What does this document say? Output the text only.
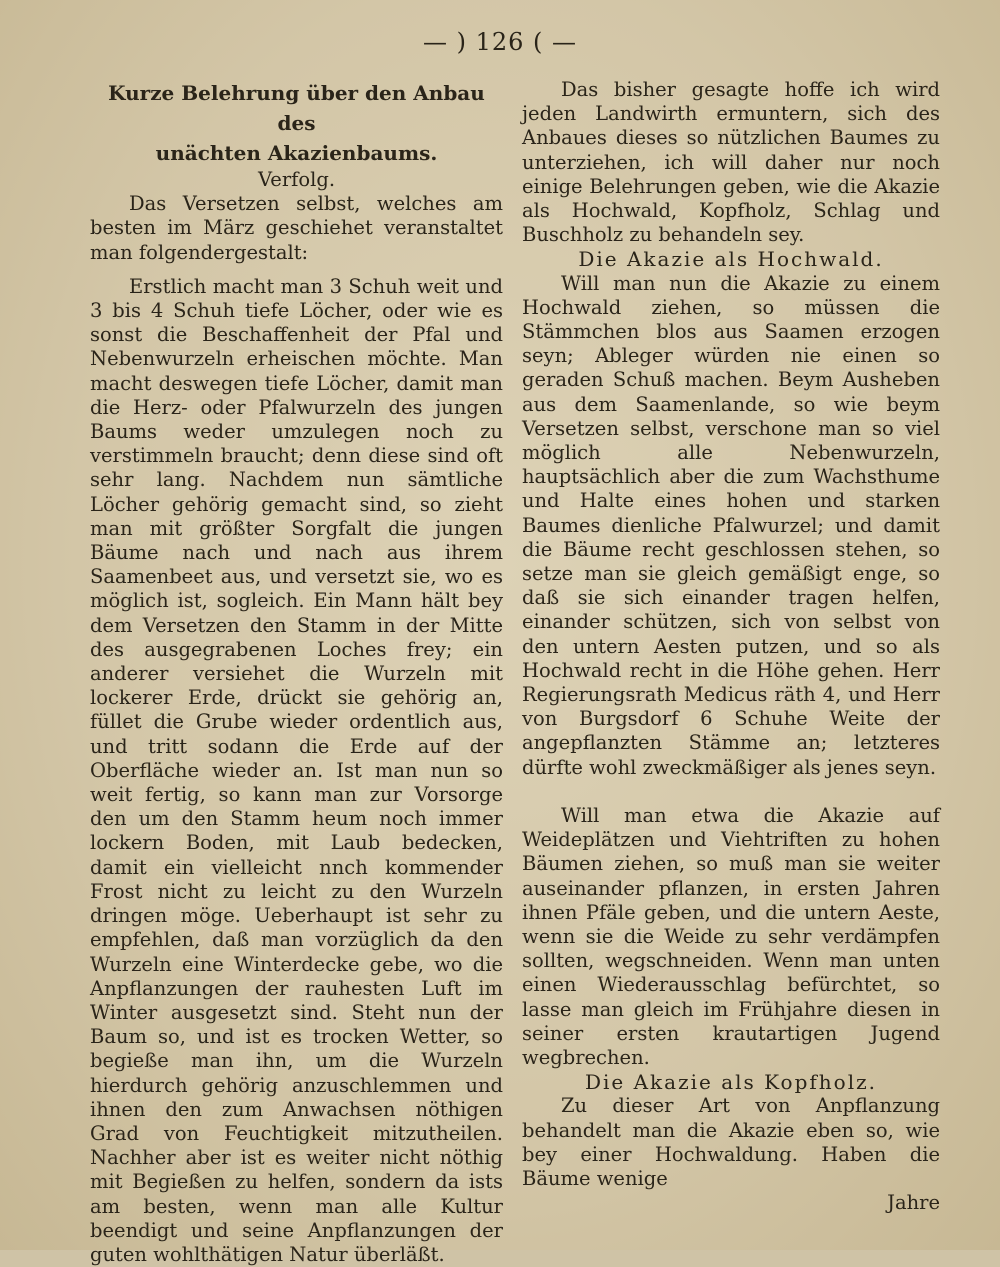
— ) 126 ( —

Kurze Belehrung über den Anbau des

unächten Akazienbaums.

Verfolg.

Das Versetzen selbst, welches am besten im März geschiehet veranstaltet man folgendergestalt:

Erstlich macht man 3 Schuh weit und 3 bis 4 Schuh tiefe Löcher, oder wie es sonst die Beschaffenheit der Pfal und Nebenwurzeln erheischen möchte. Man macht deswegen tiefe Löcher, damit man die Herz- oder Pfalwurzeln des jungen Baums weder umzulegen noch zu verstimmeln braucht; denn diese sind oft sehr lang. Nachdem nun sämtliche Löcher gehörig gemacht sind, so zieht man mit größter Sorgfalt die jungen Bäume nach und nach aus ihrem Saamenbeet aus, und versetzt sie, wo es möglich ist, sogleich. Ein Mann hält bey dem Versetzen den Stamm in der Mitte des ausgegrabenen Loches frey; ein anderer versiehet die Wurzeln mit lockerer Erde, drückt sie gehörig an, füllet die Grube wieder ordentlich aus, und tritt sodann die Erde auf der Oberfläche wieder an. Ist man nun so weit fertig, so kann man zur Vorsorge den um den Stamm heum noch immer lockern Boden, mit Laub bedecken, damit ein vielleicht nnch kommender Frost nicht zu leicht zu den Wurzeln dringen möge. Ueberhaupt ist sehr zu empfehlen, daß man vorzüglich da den Wurzeln eine Winterdecke gebe, wo die Anpflanzungen der rauhesten Luft im Winter ausgesetzt sind. Steht nun der Baum so, und ist es trocken Wetter, so begieße man ihn, um die Wurzeln hierdurch gehörig anzuschlemmen und ihnen den zum Anwachsen nöthigen Grad von Feuchtigkeit mitzutheilen. Nachher aber ist es weiter nicht nöthig mit Begießen zu helfen, sondern da ists am besten, wenn man alle Kultur beendigt und seine Anpflanzungen der guten wohlthätigen Natur überläßt.

Das bisher gesagte hoffe ich wird jeden Landwirth ermuntern, sich des Anbaues dieses so nützlichen Baumes zu unterziehen, ich will daher nur noch einige Belehrungen geben, wie die Akazie als Hochwald, Kopfholz, Schlag und Buschholz zu behandeln sey.

Die Akazie als Hochwald.

Will man nun die Akazie zu einem Hochwald ziehen, so müssen die Stämmchen blos aus Saamen erzogen seyn; Ableger würden nie einen so geraden Schuß machen. Beym Ausheben aus dem Saamenlande, so wie beym Versetzen selbst, verschone man so viel möglich alle Nebenwurzeln, hauptsächlich aber die zum Wachsthume und Halte eines hohen und starken Baumes dienliche Pfalwurzel; und damit die Bäume recht geschlossen stehen, so setze man sie gleich gemäßigt enge, so daß sie sich einander tragen helfen, einander schützen, sich von selbst von den untern Aesten putzen, und so als Hochwald recht in die Höhe gehen. Herr Regierungsrath Medicus räth 4, und Herr von Burgsdorf 6 Schuhe Weite der angepflanzten Stämme an; letzteres dürfte wohl zweckmäßiger als jenes seyn.

Will man etwa die Akazie auf Weideplätzen und Viehtriften zu hohen Bäumen ziehen, so muß man sie weiter auseinander pflanzen, in ersten Jahren ihnen Pfäle geben, und die untern Aeste, wenn sie die Weide zu sehr verdämpfen sollten, wegschneiden. Wenn man unten einen Wiederausschlag befürchtet, so lasse man gleich im Frühjahre diesen in seiner ersten krautartigen Jugend wegbrechen.

Die Akazie als Kopfholz.

Zu dieser Art von Anpflanzung behandelt man die Akazie eben so, wie bey einer Hochwaldung. Haben die Bäume wenige

Jahre
